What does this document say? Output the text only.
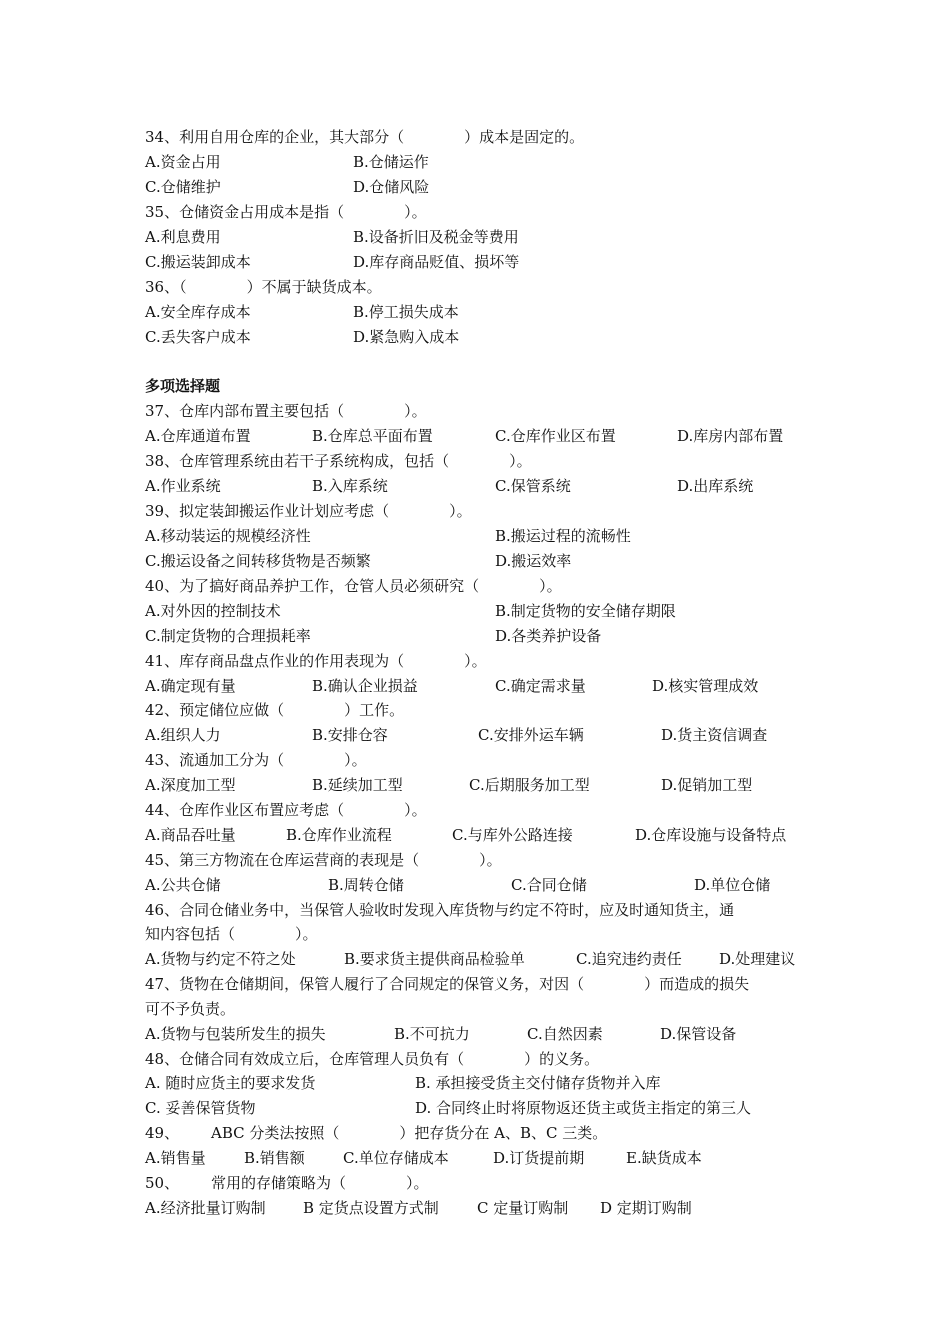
34、利用自用仓库的企业，其大部分（　　　　）成本是固定的。
A.资金占用	B.仓储运作
C.仓储维护	D.仓储风险
35、仓储资金占用成本是指（　　　　）。
A.利息费用	B.设备折旧及税金等费用
C.搬运装卸成本	D.库存商品贬值、损坏等
36、（　　　　）不属于缺货成本。
A.安全库存成本	B.停工损失成本
C.丢失客户成本	D.紧急购入成本
多项选择题
37、仓库内部布置主要包括（　　　　）。
A.仓库通道布置	B.仓库总平面布置	C.仓库作业区布置	D.库房内部布置
38、仓库管理系统由若干子系统构成，包括（　　　　）。
A.作业系统	B.入库系统	C.保管系统	D.出库系统
39、拟定装卸搬运作业计划应考虑（　　　　）。
A.移动装运的规模经济性	B.搬运过程的流畅性
C.搬运设备之间转移货物是否频繁	D.搬运效率
40、为了搞好商品养护工作，仓管人员必须研究（　　　　）。
A.对外因的控制技术	B.制定货物的安全储存期限
C.制定货物的合理损耗率	D.各类养护设备
41、库存商品盘点作业的作用表现为（　　　　）。
A.确定现有量	B.确认企业损益	C.确定需求量	D.核实管理成效
42、预定储位应做（　　　　）工作。
A.组织人力	B.安排仓容	C.安排外运车辆	D.货主资信调查
43、流通加工分为（　　　　）。
A.深度加工型	B.延续加工型	C.后期服务加工型	D.促销加工型
44、仓库作业区布置应考虑（　　　　）。
A.商品吞吐量	B.仓库作业流程	C.与库外公路连接	D.仓库设施与设备特点
45、第三方物流在仓库运营商的表现是（　　　　）。
A.公共仓储	B.周转仓储	C.合同仓储	D.单位仓储
46、合同仓储业务中，当保管人验收时发现入库货物与约定不符时，应及时通知货主，通
知内容包括（　　　　）。
A.货物与约定不符之处	B.要求货主提供商品检验单	C.追究违约责任 D.处理建议
47、货物在仓储期间，保管人履行了合同规定的保管义务，对因（　　　　）而造成的损失
可不予负责。
A.货物与包装所发生的损失	B.不可抗力	C.自然因素	D.保管设备
48、仓储合同有效成立后，仓库管理人员负有（　　　　）的义务。
A. 随时应货主的要求发货	B. 承担接受货主交付储存货物并入库
C. 妥善保管货物	D. 合同终止时将原物返还货主或货主指定的第三人
49、 ABC 分类法按照（　　　　）把存货分在 A、B、C 三类。
A.销售量	B.销售额	C.单位存储成本	D.订货提前期	E.缺货成本
50、 常用的存储策略为（　　　　）。
A.经济批量订购制 B 定货点设置方式制	C 定量订购制 D 定期订购制
